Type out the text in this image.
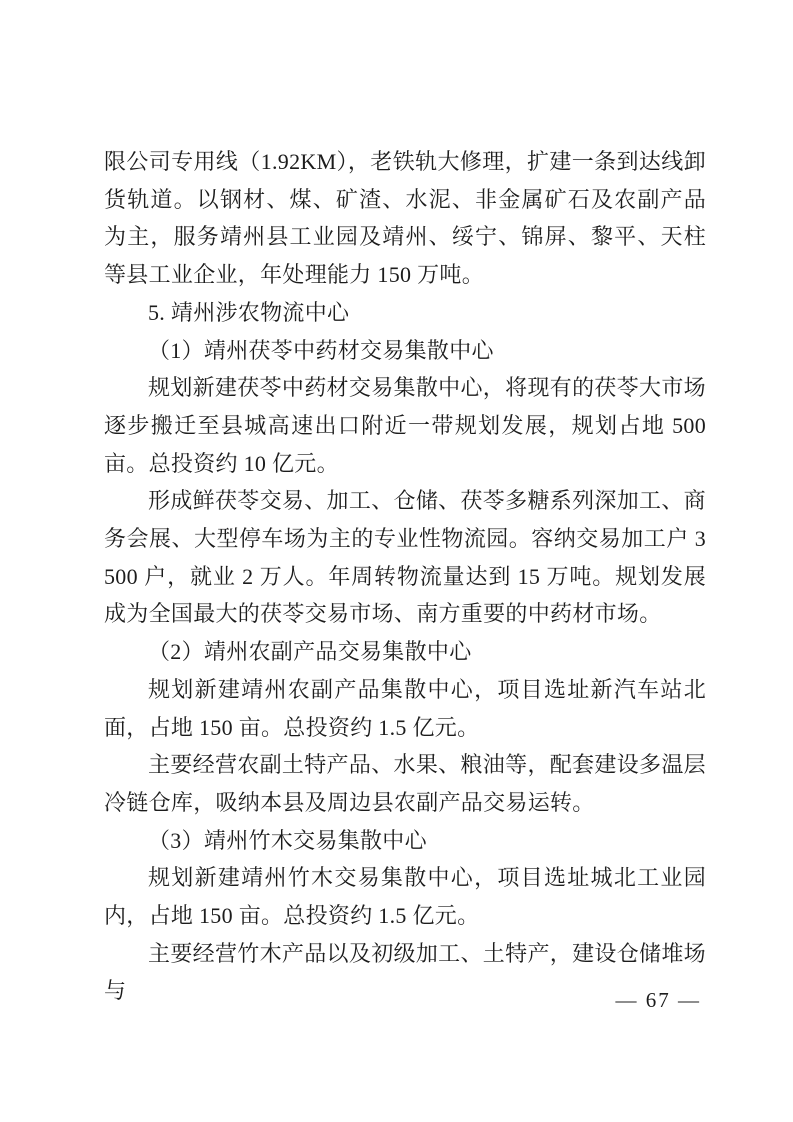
限公司专用线（1.92KM），老铁轨大修理，扩建一条到达线卸货轨道。以钢材、煤、矿渣、水泥、非金属矿石及农副产品为主，服务靖州县工业园及靖州、绥宁、锦屏、黎平、天柱等县工业企业，年处理能力 150 万吨。

5. 靖州涉农物流中心

（1）靖州茯苓中药材交易集散中心

规划新建茯苓中药材交易集散中心，将现有的茯苓大市场逐步搬迁至县城高速出口附近一带规划发展，规划占地 500 亩。总投资约 10 亿元。

形成鲜茯苓交易、加工、仓储、茯苓多糖系列深加工、商务会展、大型停车场为主的专业性物流园。容纳交易加工户 3500 户，就业 2 万人。年周转物流量达到 15 万吨。规划发展成为全国最大的茯苓交易市场、南方重要的中药材市场。

（2）靖州农副产品交易集散中心

规划新建靖州农副产品集散中心，项目选址新汽车站北面，占地 150 亩。总投资约 1.5 亿元。

主要经营农副土特产品、水果、粮油等，配套建设多温层冷链仓库，吸纳本县及周边县农副产品交易运转。

（3）靖州竹木交易集散中心

规划新建靖州竹木交易集散中心，项目选址城北工业园内，占地 150 亩。总投资约 1.5 亿元。

主要经营竹木产品以及初级加工、土特产，建设仓储堆场与	— 67 —
